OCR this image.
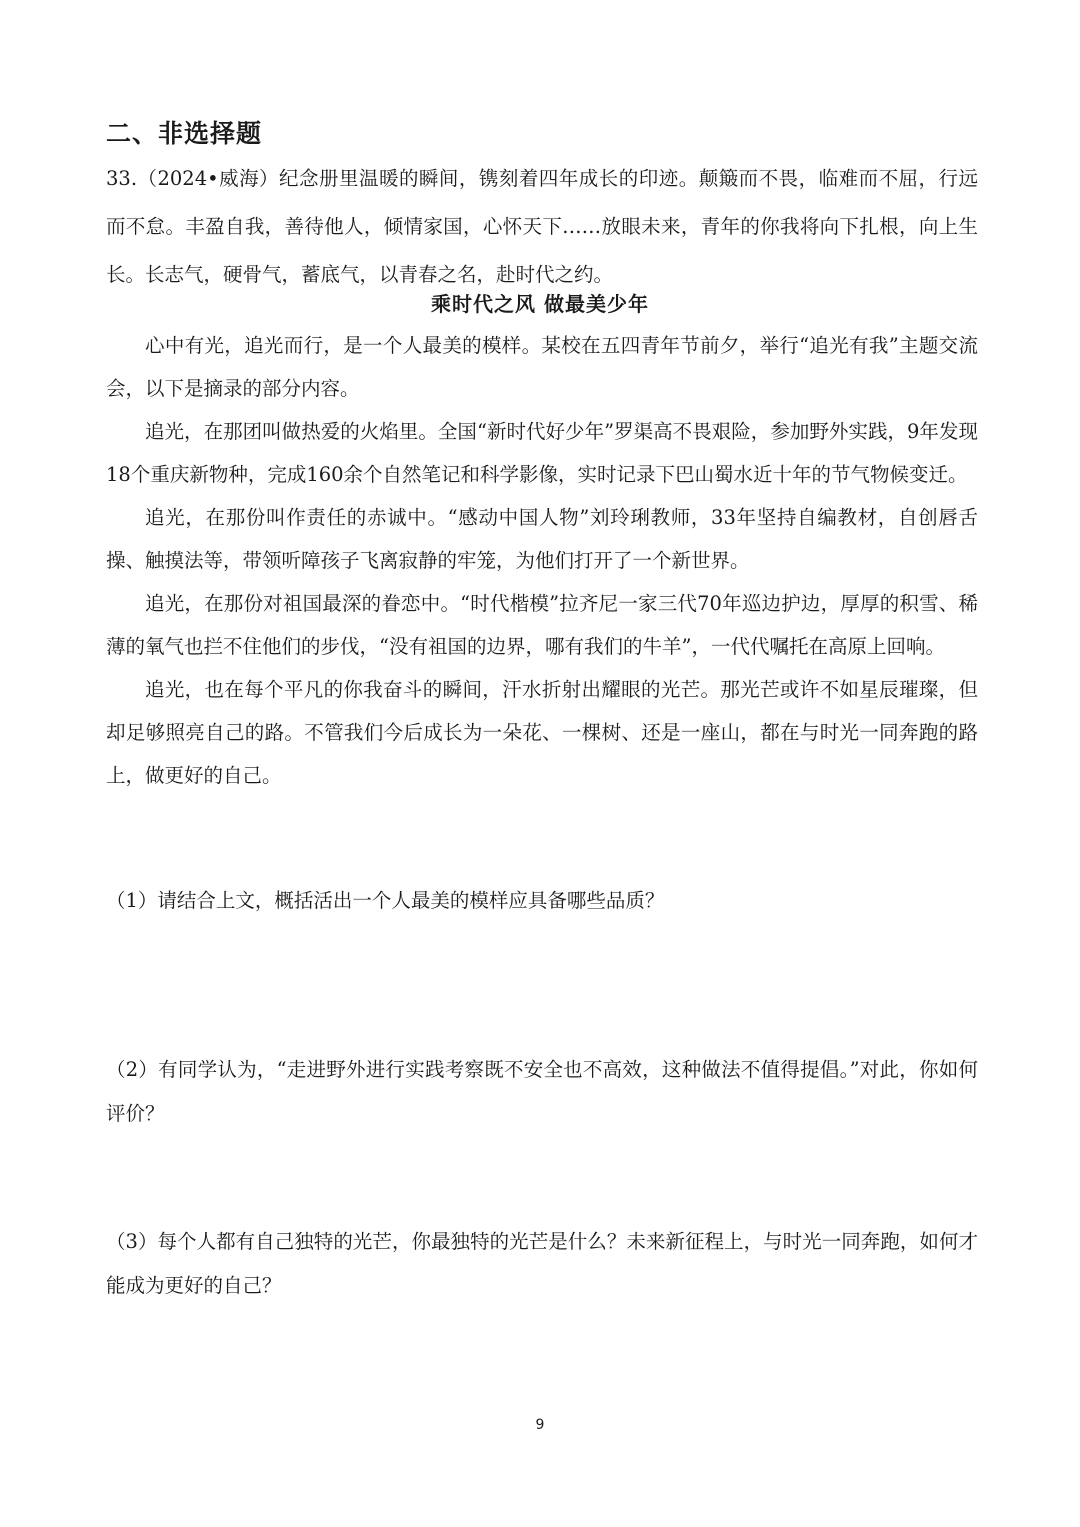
二、非选择题

33.（2024•威海）纪念册里温暖的瞬间，镌刻着四年成长的印迹。颠簸而不畏，临难而不屈，行远而不怠。丰盈自我，善待他人，倾情家国，心怀天下……放眼未来，青年的你我将向下扎根，向上生长。长志气，硬骨气，蓄底气，以青春之名，赴时代之约。

乘时代之风 做最美少年

心中有光，追光而行，是一个人最美的模样。某校在五四青年节前夕，举行“追光有我”主题交流会，以下是摘录的部分内容。

追光，在那团叫做热爱的火焰里。全国“新时代好少年”罗渠高不畏艰险，参加野外实践，9年发现18个重庆新物种，完成160余个自然笔记和科学影像，实时记录下巴山蜀水近十年的节气物候变迁。

追光，在那份叫作责任的赤诚中。“感动中国人物”刘玲琍教师，33年坚持自编教材，自创唇舌操、触摸法等，带领听障孩子飞离寂静的牢笼，为他们打开了一个新世界。

追光，在那份对祖国最深的眷恋中。“时代楷模”拉齐尼一家三代70年巡边护边，厚厚的积雪、稀薄的氧气也拦不住他们的步伐，“没有祖国的边界，哪有我们的牛羊”，一代代嘱托在高原上回响。

追光，也在每个平凡的你我奋斗的瞬间，汗水折射出耀眼的光芒。那光芒或许不如星辰璀璨，但却足够照亮自己的路。不管我们今后成长为一朵花、一棵树、还是一座山，都在与时光一同奔跑的路上，做更好的自己。

（1）请结合上文，概括活出一个人最美的模样应具备哪些品质？

（2）有同学认为，“走进野外进行实践考察既不安全也不高效，这种做法不值得提倡。”对此，你如何评价？

（3）每个人都有自己独特的光芒，你最独特的光芒是什么？未来新征程上，与时光一同奔跑，如何才能成为更好的自己？

9
